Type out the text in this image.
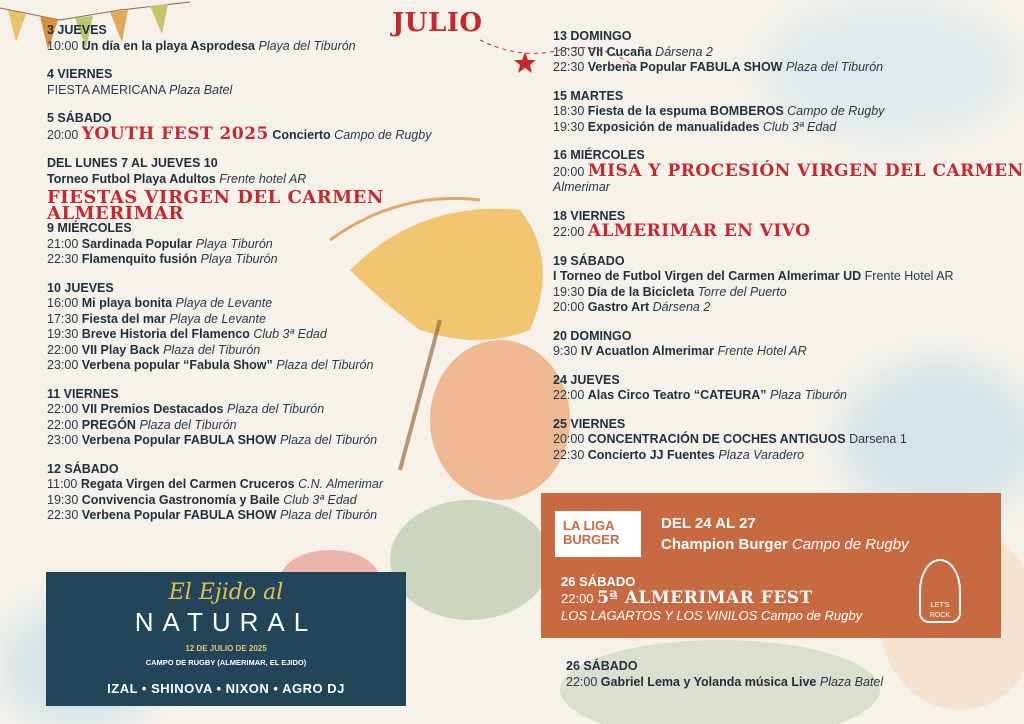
JULIO
3 JUEVES
10:00 Un día en la playa Asprodesa Playa del Tiburón
4 VIERNES
FIESTA AMERICANA Plaza Batel
5 SÁBADO
20:00 YOUTH FEST 2025 Concierto Campo de Rugby
DEL LUNES 7 AL JUEVES 10
Torneo Futbol Playa Adultos Frente hotel AR
FIESTAS VIRGEN DEL CARMEN ALMERIMAR
9 MIÉRCOLES
21:00 Sardinada Popular Playa Tiburón
22:30 Flamenquito fusión Playa Tiburón
10 JUEVES
16:00 Mi playa bonita Playa de Levante
17:30 Fiesta del mar Playa de Levante
19:30 Breve Historia del Flamenco Club 3ª Edad
22:00 VII Play Back Plaza del Tiburón
23:00 Verbena popular “Fabula Show” Plaza del Tiburón
11 VIERNES
22:00 VII Premios Destacados Plaza del Tiburón
22:00 PREGÓN Plaza del Tiburón
23:00 Verbena Popular FABULA SHOW Plaza del Tiburón
12 SÁBADO
11:00 Regata Virgen del Carmen Cruceros C.N. Almerimar
19:30 Convivencia Gastronomía y Baile Club 3ª Edad
22:30 Verbena Popular FABULA SHOW Plaza del Tiburón
13 DOMINGO
18:30 VII Cucaña Dársena 2
22:30 Verbena Popular FABULA SHOW Plaza del Tiburón
15 MARTES
18:30 Fiesta de la espuma BOMBEROS Campo de Rugby
19:30 Exposición de manualidades Club 3ª Edad
16 MIÉRCOLES
20:00 MISA Y PROCESIÓN VIRGEN DEL CARMEN
Almerimar
18 VIERNES
22:00 ALMERIMAR EN VIVO
19 SÁBADO
I Torneo de Futbol Virgen del Carmen Almerimar UD Frente Hotel AR
19:30 Día de la Bicicleta Torre del Puerto
20:00 Gastro Art Dársena 2
20 DOMINGO
9:30 IV Acuatlon Almerimar Frente Hotel AR
24 JUEVES
22:00 Alas Circo Teatro “CATEURA” Plaza Tiburón
25 VIERNES
20:00 CONCENTRACIÓN DE COCHES ANTIGUOS Darsena 1
22:30 Concierto JJ Fuentes Plaza Varadero
LA LIGA BURGER
DEL 24 AL 27
Champion Burger Campo de Rugby
26 SÁBADO
22:00 5ª ALMERIMAR FEST
LOS LAGARTOS Y LOS VINILOS Campo de Rugby
LET'S ROCK
26 SÁBADO
22:00 Gabriel Lema y Yolanda música Live Plaza Batel
El Ejido al
NATURAL
12 DE JULIO DE 2025
CAMPO DE RUGBY (ALMERIMAR, EL EJIDO)
IZAL • SHINOVA • NIXON • AGRO DJ
